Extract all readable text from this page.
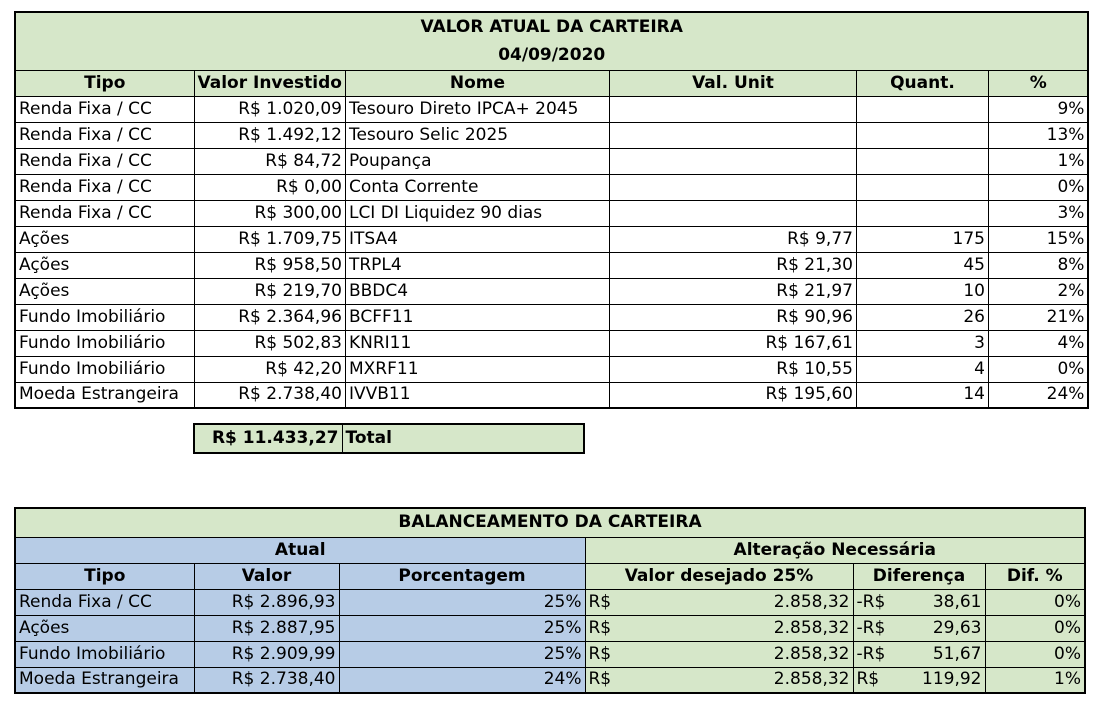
VALOR ATUAL DA CARTEIRA					
04/09/2020					
Tipo	Valor Investido	Nome	Val. Unit	Quant.	%
Renda Fixa / CC	R$ 1.020,09	Tesouro Direto IPCA+ 2045			9%
Renda Fixa / CC	R$ 1.492,12	Tesouro Selic 2025			13%
Renda Fixa / CC	R$ 84,72	Poupança			1%
Renda Fixa / CC	R$ 0,00	Conta Corrente			0%
Renda Fixa / CC	R$ 300,00	LCI DI Liquidez 90 dias			3%
Ações	R$ 1.709,75	ITSA4	R$ 9,77	175	15%
Ações	R$ 958,50	TRPL4	R$ 21,30	45	8%
Ações	R$ 219,70	BBDC4	R$ 21,97	10	2%
Fundo Imobiliário	R$ 2.364,96	BCFF11	R$ 90,96	26	21%
Fundo Imobiliário	R$ 502,83	KNRI11	R$ 167,61	3	4%
Fundo Imobiliário	R$ 42,20	MXRF11	R$ 10,55	4	0%
Moeda Estrangeira	R$ 2.738,40	IVVB11	R$ 195,60	14	24%
R$ 11.433,27	Total
BALANCEAMENTO DA CARTEIRA					
Atual			Alteração Necessária		
Tipo	Valor	Porcentagem	Valor desejado 25%	Diferença	Dif. %
Renda Fixa / CC	R$ 2.896,93	25%	R$ 2.858,32	-R$ 38,61	0%
Ações	R$ 2.887,95	25%	R$ 2.858,32	-R$ 29,63	0%
Fundo Imobiliário	R$ 2.909,99	25%	R$ 2.858,32	-R$ 51,67	0%
Moeda Estrangeira	R$ 2.738,40	24%	R$ 2.858,32	R$ 119,92	1%
